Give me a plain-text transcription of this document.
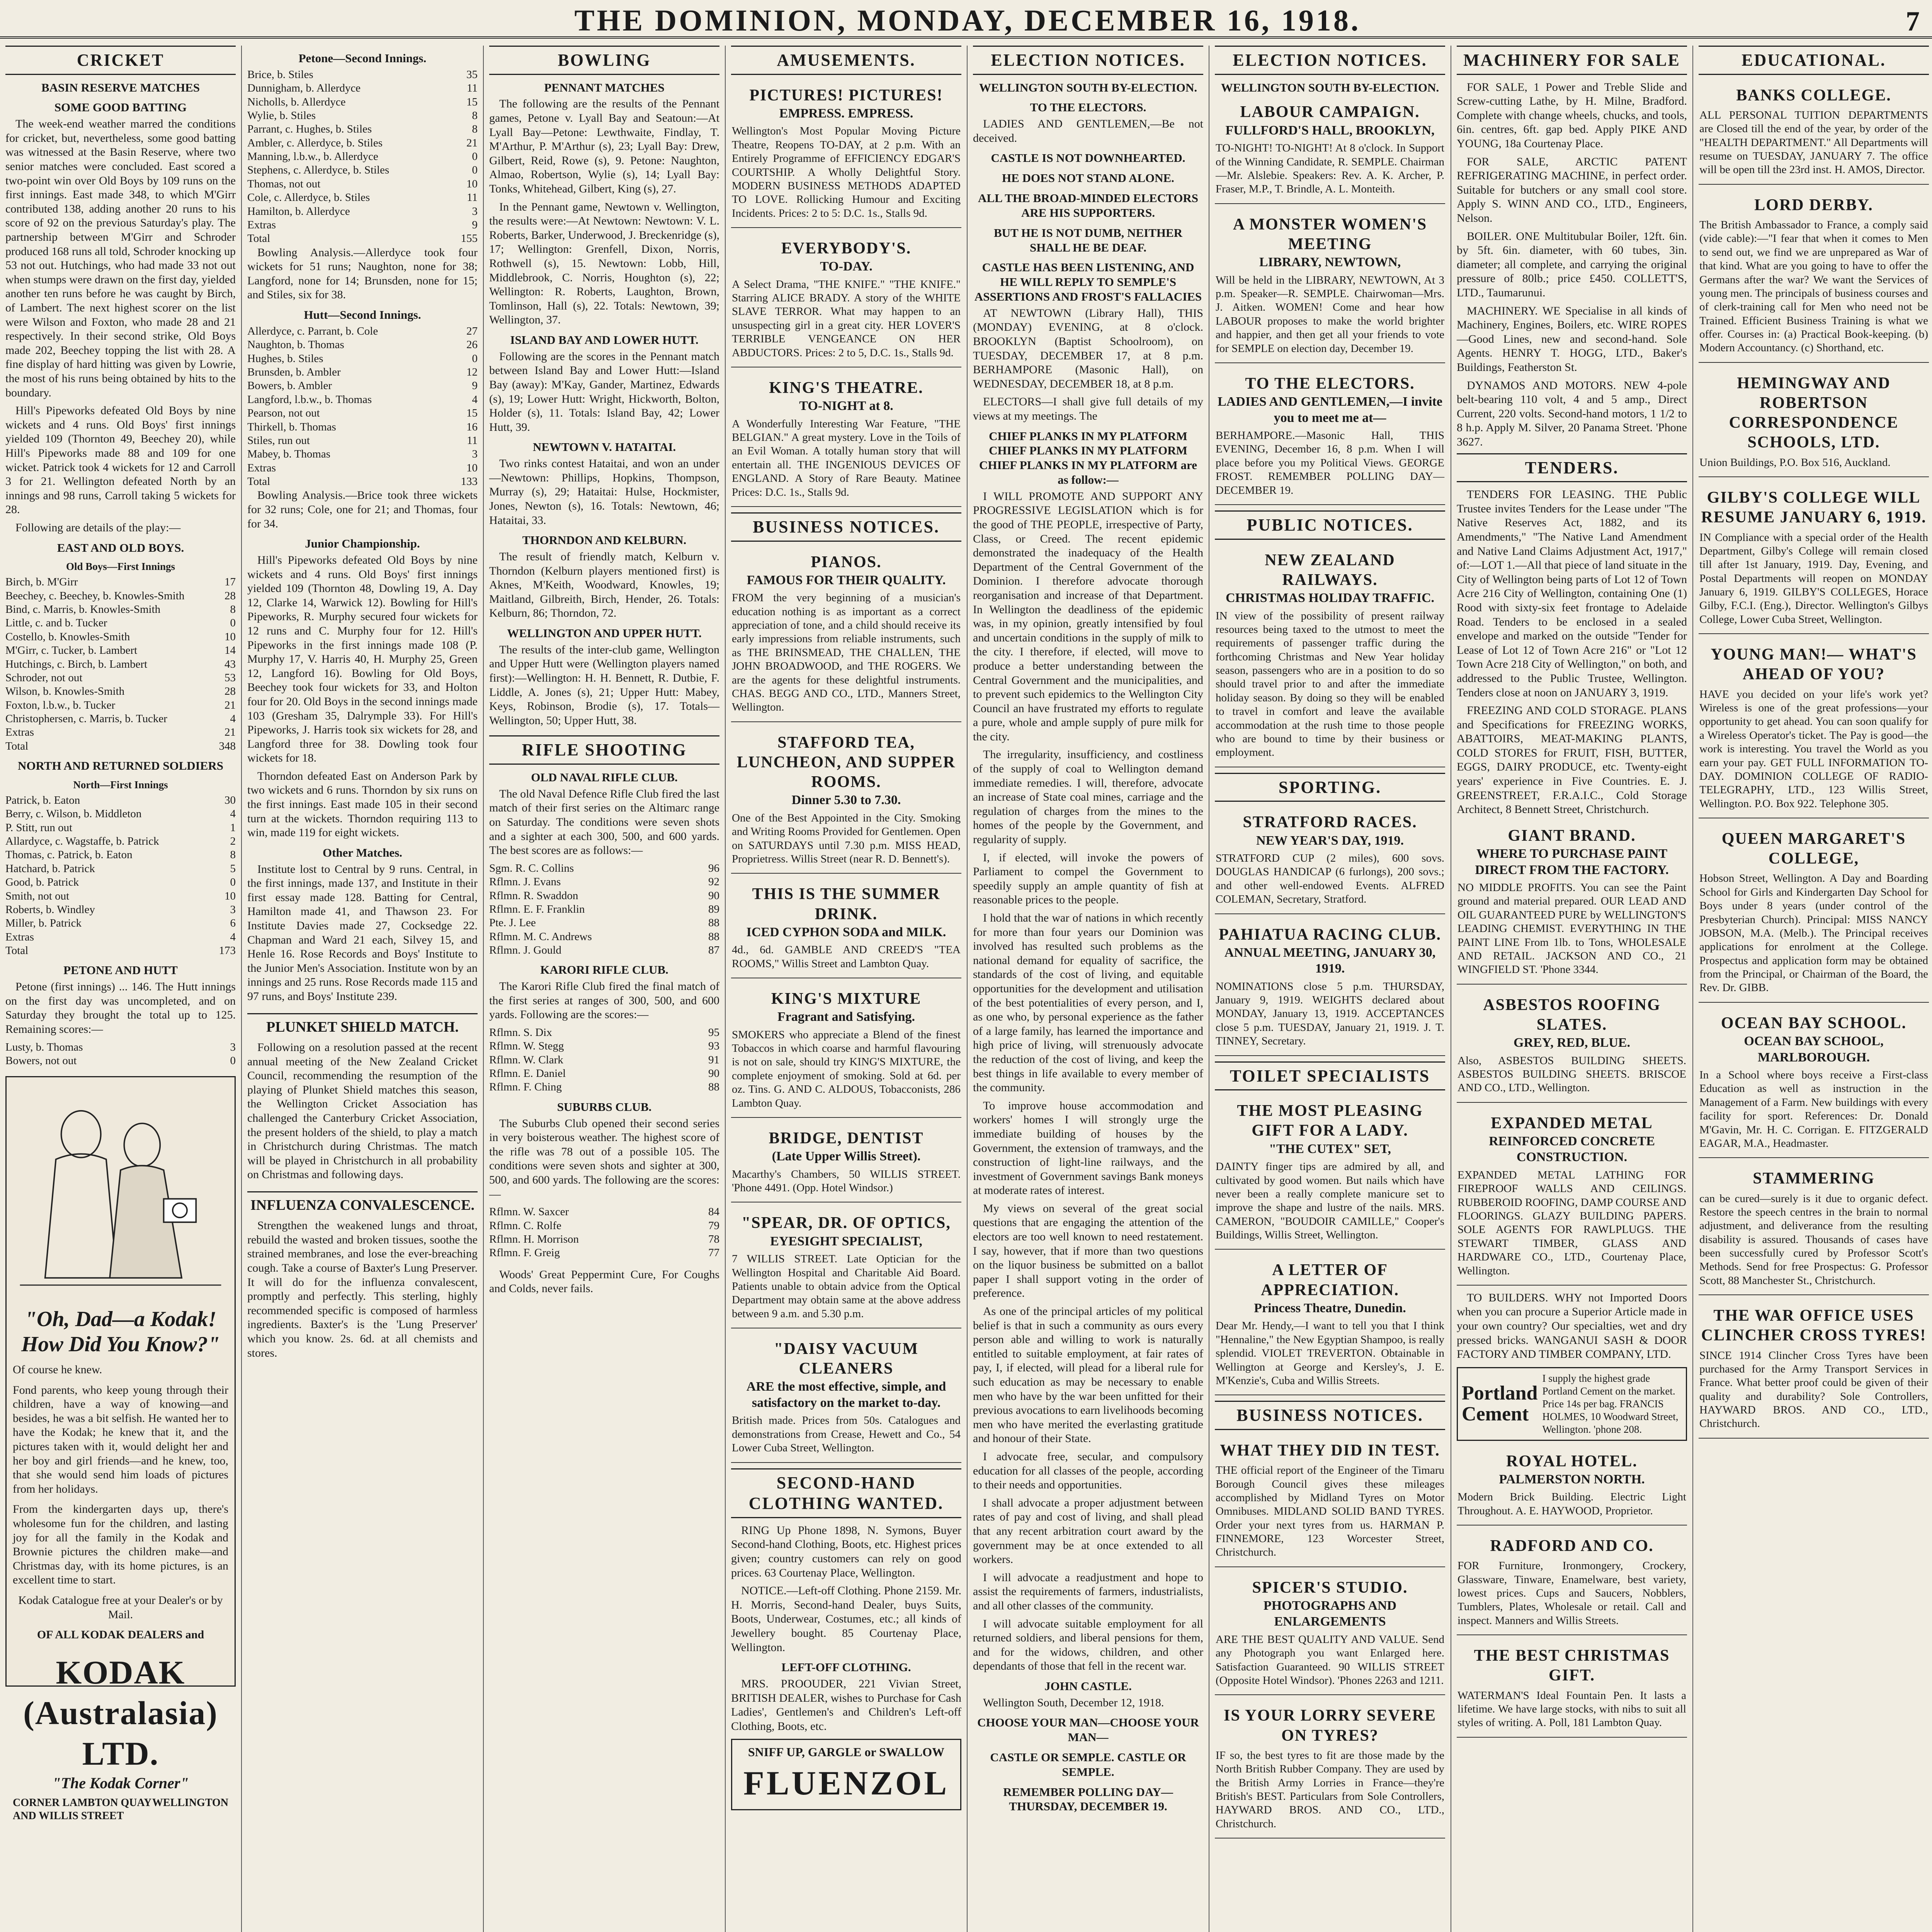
THE DOMINION, MONDAY, DECEMBER 16, 1918.	7
CRICKET
BASIN RESERVE MATCHES
SOME GOOD BATTING

The week-end weather marred the conditions for cricket, but, nevertheless, some good batting was witnessed at the Basin Reserve, where two senior matches were concluded. East scored a two-point win over Old Boys by 109 runs on the first innings. East made 348, to which M'Girr contributed 138, adding another 20 runs to his score of 92 on the previous Saturday's play. The partnership between M'Girr and Schroder produced 168 runs all told, Schroder knocking up 53 not out. Hutchings, who had made 33 not out when stumps were drawn on the first day, yielded another ten runs before he was caught by Birch, of Lambert. The next highest scorer on the list were Wilson and Foxton, who made 28 and 21 respectively. In their second strike, Old Boys made 202, Beechey topping the list with 28. A fine display of hard hitting was given by Lowrie, the most of his runs being obtained by hits to the boundary.

Hill's Pipeworks defeated Old Boys by nine wickets and 4 runs. Old Boys' first innings yielded 109 (Thornton 49, Beechey 20), while Hill's Pipeworks made 88 and 109 for one wicket. Patrick took 4 wickets for 12 and Carroll 3 for 21. Wellington defeated North by an innings and 98 runs, Carroll taking 5 wickets for 28.

Following are details of the play:—

EAST AND OLD BOYS.
Old Boys—First Innings
Birch, b. M'Girr	17
Beechey, c. Beechey, b. Knowles-Smith	28
Bind, c. Marris, b. Knowles-Smith	8
Little, c. and b. Tucker	0
Costello, b. Knowles-Smith	10
M'Girr, c. Tucker, b. Lambert	14
Hutchings, c. Birch, b. Lambert	43
Schroder, not out	53
Wilson, b. Knowles-Smith	28
Foxton, l.b.w., b. Tucker	21
Christophersen, c. Marris, b. Tucker	4
Extras	21
Total	348
NORTH AND RETURNED SOLDIERS
North—First Innings
Patrick, b. Eaton	30
Berry, c. Wilson, b. Middleton	4
P. Stitt, run out	1
Allardyce, c. Wagstaffe, b. Patrick	2
Thomas, c. Patrick, b. Eaton	8
Hatchard, b. Patrick	5
Good, b. Patrick	0
Smith, not out	10
Roberts, b. Windley	3
Miller, b. Patrick	6
Extras	4
Total	173
PETONE AND HUTT

Petone (first innings) ... 146. The Hutt innings on the first day was uncompleted, and on Saturday they brought the total up to 125. Remaining scores:—

Lusty, b. Thomas	3
Bowers, not out	0
"Oh, Dad—a Kodak! How Did You Know?"
Of course he knew.
Fond parents, who keep young through their children, have a way of knowing—and besides, he was a bit selfish. He wanted her to have the Kodak; he knew that it, and the pictures taken with it, would delight her and her boy and girl friends—and he knew, too, that she would send him loads of pictures from her holidays.
From the kindergarten days up, there's wholesome fun for the children, and lasting joy for all the family in the Kodak and Brownie pictures the children make—and Christmas day, with its home pictures, is an excellent time to start.
Kodak Catalogue free at your Dealer's or by Mail.
OF ALL KODAK DEALERS and
KODAK (Australasia) LTD.
"The Kodak Corner"
CORNER LAMBTON QUAY AND WILLIS STREET
WELLINGTON
Petone—Second Innings.
Brice, b. Stiles	35
Dunnigham, b. Allerdyce	11
Nicholls, b. Allerdyce	15
Wylie, b. Stiles	8
Parrant, c. Hughes, b. Stiles	8
Ambler, c. Allerdyce, b. Stiles	21
Manning, l.b.w., b. Allerdyce	0
Stephens, c. Allerdyce, b. Stiles	0
Thomas, not out	10
Cole, c. Allerdyce, b. Stiles	11
Hamilton, b. Allerdyce	3
Extras	9
Total	155

Bowling Analysis.—Allerdyce took four wickets for 51 runs; Naughton, none for 38; Langford, none for 14; Brunsden, none for 15; and Stiles, six for 38.

Hutt—Second Innings.
Allerdyce, c. Parrant, b. Cole	27
Naughton, b. Thomas	26
Hughes, b. Stiles	0
Brunsden, b. Ambler	12
Bowers, b. Ambler	9
Langford, l.b.w., b. Thomas	4
Pearson, not out	15
Thirkell, b. Thomas	16
Stiles, run out	11
Mabey, b. Thomas	3
Extras	10
Total	133

Bowling Analysis.—Brice took three wickets for 32 runs; Cole, one for 21; and Thomas, four for 34.

Junior Championship.

Hill's Pipeworks defeated Old Boys by nine wickets and 4 runs. Old Boys' first innings yielded 109 (Thornton 48, Dowling 19, A. Day 12, Clarke 14, Warwick 12). Bowling for Hill's Pipeworks, R. Murphy secured four wickets for 12 runs and C. Murphy four for 12. Hill's Pipeworks in the first innings made 108 (P. Murphy 17, V. Harris 40, H. Murphy 25, Green 12, Langford 16). Bowling for Old Boys, Beechey took four wickets for 33, and Holton four for 20. Old Boys in the second innings made 103 (Gresham 35, Dalrymple 33). For Hill's Pipeworks, J. Harris took six wickets for 28, and Langford three for 38. Dowling took four wickets for 18.

Thorndon defeated East on Anderson Park by two wickets and 6 runs. Thorndon by six runs on the first innings. East made 105 in their second turn at the wickets. Thorndon requiring 113 to win, made 119 for eight wickets.

Other Matches.

Institute lost to Central by 9 runs. Central, in the first innings, made 137, and Institute in their first essay made 128. Batting for Central, Hamilton made 41, and Thawson 23. For Institute Davies made 27, Cocksedge 22. Chapman and Ward 21 each, Silvey 15, and Henle 16. Rose Records and Boys' Institute to the Junior Men's Association. Institute won by an innings and 25 runs. Rose Records made 115 and 97 runs, and Boys' Institute 239.

PLUNKET SHIELD MATCH.

Following on a resolution passed at the recent annual meeting of the New Zealand Cricket Council, recommending the resumption of the playing of Plunket Shield matches this season, the Wellington Cricket Association has challenged the Canterbury Cricket Association, the present holders of the shield, to play a match in Christchurch during Christmas. The match will be played in Christchurch in all probability on Christmas and following days.

INFLUENZA CONVALESCENCE.

Strengthen the weakened lungs and throat, rebuild the wasted and broken tissues, soothe the strained membranes, and lose the ever-breaching cough. Take a course of Baxter's Lung Preserver. It will do for the influenza convalescent, promptly and perfectly. This sterling, highly recommended specific is composed of harmless ingredients. Baxter's is the 'Lung Preserver' which you know. 2s. 6d. at all chemists and stores.

BOWLING
PENNANT MATCHES

The following are the results of the Pennant games, Petone v. Lyall Bay and Seatoun:—At Lyall Bay—Petone: Lewthwaite, Findlay, T. M'Arthur, P. M'Arthur (s), 23; Lyall Bay: Drew, Gilbert, Reid, Rowe (s), 9. Petone: Naughton, Almao, Robertson, Wylie (s), 14; Lyall Bay: Tonks, Whitehead, Gilbert, King (s), 27.

In the Pennant game, Newtown v. Wellington, the results were:—At Newtown: Newtown: V. L. Roberts, Barker, Underwood, J. Breckenridge (s), 17; Wellington: Grenfell, Dixon, Norris, Rothwell (s), 15. Newtown: Lobb, Hill, Middlebrook, C. Norris, Houghton (s), 22; Wellington: R. Roberts, Laughton, Brown, Tomlinson, Hall (s), 22. Totals: Newtown, 39; Wellington, 37.

ISLAND BAY AND LOWER HUTT.

Following are the scores in the Pennant match between Island Bay and Lower Hutt:—Island Bay (away): M'Kay, Gander, Martinez, Edwards (s), 19; Lower Hutt: Wright, Hickworth, Bolton, Holder (s), 11. Totals: Island Bay, 42; Lower Hutt, 39.

NEWTOWN V. HATAITAI.

Two rinks contest Hataitai, and won an under—Newtown: Phillips, Hopkins, Thompson, Murray (s), 29; Hataitai: Hulse, Hockmister, Jones, Newton (s), 16. Totals: Newtown, 46; Hataitai, 33.

THORNDON AND KELBURN.

The result of friendly match, Kelburn v. Thorndon (Kelburn players mentioned first) is Aknes, M'Keith, Woodward, Knowles, 19; Maitland, Gilbreith, Birch, Hender, 26. Totals: Kelburn, 86; Thorndon, 72.

WELLINGTON AND UPPER HUTT.

The results of the inter-club game, Wellington and Upper Hutt were (Wellington players named first):—Wellington: H. H. Bennett, R. Dutbie, F. Liddle, A. Jones (s), 21; Upper Hutt: Mabey, Keys, Robinson, Brodie (s), 17. Totals—Wellington, 50; Upper Hutt, 38.

RIFLE SHOOTING
OLD NAVAL RIFLE CLUB.

The old Naval Defence Rifle Club fired the last match of their first series on the Altimarc range on Saturday. The conditions were seven shots and a sighter at each 300, 500, and 600 yards. The best scores are as follows:—

Sgm. R. C. Collins	96
Rflmn. J. Evans	92
Rflmn. R. Swaddon	90
Rflmn. E. F. Franklin	89
Pte. J. Lee	88
Rflmn. M. C. Andrews	88
Rflmn. J. Gould	87
KARORI RIFLE CLUB.

The Karori Rifle Club fired the final match of the first series at ranges of 300, 500, and 600 yards. Following are the scores:—

Rflmn. S. Dix	95
Rflmn. W. Stegg	93
Rflmn. W. Clark	91
Rflmn. E. Daniel	90
Rflmn. F. Ching	88
SUBURBS CLUB.

The Suburbs Club opened their second series in very boisterous weather. The highest score of the rifle was 78 out of a possible 105. The conditions were seven shots and sighter at 300, 500, and 600 yards. The following are the scores:—

Rflmn. W. Saxcer	84
Rflmn. C. Rolfe	79
Rflmn. H. Morrison	78
Rflmn. F. Greig	77

Woods' Great Peppermint Cure, For Coughs and Colds, never fails.

AMUSEMENTS.
PICTURES! PICTURES!
EMPRESS. EMPRESS.
Wellington's Most Popular Moving Picture Theatre, Reopens TO-DAY, at 2 p.m. With an Entirely Programme of EFFICIENCY EDGAR'S COURTSHIP. A Wholly Delightful Story. MODERN BUSINESS METHODS ADAPTED TO LOVE. Rollicking Humour and Exciting Incidents. Prices: 2 to 5: D.C. 1s., Stalls 9d.
EVERYBODY'S.
TO-DAY.
A Select Drama, "THE KNIFE." "THE KNIFE." Starring ALICE BRADY. A story of the WHITE SLAVE TERROR. What may happen to an unsuspecting girl in a great city. HER LOVER'S TERRIBLE VENGEANCE ON HER ABDUCTORS. Prices: 2 to 5, D.C. 1s., Stalls 9d.
KING'S THEATRE.
TO-NIGHT at 8.
A Wonderfully Interesting War Feature, "THE BELGIAN." A great mystery. Love in the Toils of an Evil Woman. A totally human story that will entertain all. THE INGENIOUS DEVICES OF ENGLAND. A Story of Rare Beauty. Matinee Prices: D.C. 1s., Stalls 9d.
BUSINESS NOTICES.
PIANOS.
FAMOUS FOR THEIR QUALITY.
FROM the very beginning of a musician's education nothing is as important as a correct appreciation of tone, and a child should receive its early impressions from reliable instruments, such as THE BRINSMEAD, THE CHALLEN, THE JOHN BROADWOOD, and THE ROGERS. We are the agents for these delightful instruments. CHAS. BEGG AND CO., LTD., Manners Street, Wellington.
STAFFORD TEA, LUNCHEON, AND SUPPER ROOMS.
Dinner 5.30 to 7.30.
One of the Best Appointed in the City. Smoking and Writing Rooms Provided for Gentlemen. Open on SATURDAYS until 7.30 p.m. MISS HEAD, Proprietress. Willis Street (near R. D. Bennett's).
THIS IS THE SUMMER DRINK.
ICED CYPHON SODA and MILK.
4d., 6d. GAMBLE AND CREED'S "TEA ROOMS," Willis Street and Lambton Quay.
KING'S MIXTURE
Fragrant and Satisfying.
SMOKERS who appreciate a Blend of the finest Tobaccos in which coarse and harmful flavouring is not on sale, should try KING'S MIXTURE, the complete enjoyment of smoking. Sold at 6d. per oz. Tins. G. AND C. ALDOUS, Tobacconists, 286 Lambton Quay.
BRIDGE, DENTIST
(Late Upper Willis Street).
Macarthy's Chambers, 50 WILLIS STREET. 'Phone 4491. (Opp. Hotel Windsor.)
"SPEAR, DR. OF OPTICS,
EYESIGHT SPECIALIST,
7 WILLIS STREET. Late Optician for the Wellington Hospital and Charitable Aid Board. Patients unable to obtain advice from the Optical Department may obtain same at the above address between 9 a.m. and 5.30 p.m.
"DAISY VACUUM CLEANERS
ARE the most effective, simple, and satisfactory on the market to-day.
British made. Prices from 50s. Catalogues and demonstrations from Crease, Hewett and Co., 54 Lower Cuba Street, Wellington.
SECOND-HAND CLOTHING WANTED.

RING Up Phone 1898, N. Symons, Buyer Second-hand Clothing, Boots, etc. Highest prices given; country customers can rely on good prices. 63 Courtenay Place, Wellington.

NOTICE.—Left-off Clothing. Phone 2159. Mr. H. Morris, Second-hand Dealer, buys Suits, Boots, Underwear, Costumes, etc.; all kinds of Jewellery bought. 85 Courtenay Place, Wellington.

LEFT-OFF CLOTHING.

MRS. PROOUDER, 221 Vivian Street, BRITISH DEALER, wishes to Purchase for Cash Ladies', Gentlemen's and Children's Left-off Clothing, Boots, etc.

SNIFF UP, GARGLE or SWALLOW
FLUENZOL
ELECTION NOTICES.
WELLINGTON SOUTH BY-ELECTION.
TO THE ELECTORS.

LADIES AND GENTLEMEN,—Be not deceived.

CASTLE IS NOT DOWNHEARTED.
HE DOES NOT STAND ALONE.
ALL THE BROAD-MINDED ELECTORS ARE HIS SUPPORTERS.
BUT HE IS NOT DUMB, NEITHER SHALL HE BE DEAF.
CASTLE HAS BEEN LISTENING, AND HE WILL REPLY TO SEMPLE'S ASSERTIONS AND FROST'S FALLACIES

AT NEWTOWN (Library Hall), THIS (MONDAY) EVENING, at 8 o'clock. BROOKLYN (Baptist Schoolroom), on TUESDAY, DECEMBER 17, at 8 p.m. BERHAMPORE (Masonic Hall), on WEDNESDAY, DECEMBER 18, at 8 p.m.

ELECTORS—I shall give full details of my views at my meetings. The

CHIEF PLANKS IN MY PLATFORM CHIEF PLANKS IN MY PLATFORM CHIEF PLANKS IN MY PLATFORM are as follow:—

I WILL PROMOTE AND SUPPORT ANY PROGRESSIVE LEGISLATION which is for the good of THE PEOPLE, irrespective of Party, Class, or Creed. The recent epidemic demonstrated the inadequacy of the Health Department of the Central Government of the Dominion. I therefore advocate thorough reorganisation and increase of that Department. In Wellington the deadliness of the epidemic was, in my opinion, greatly intensified by foul and uncertain conditions in the supply of milk to the city. I therefore, if elected, will move to produce a better understanding between the Central Government and the municipalities, and to prevent such epidemics to the Wellington City Council an have frustrated my efforts to regulate a pure, whole and ample supply of pure milk for the city.

The irregularity, insufficiency, and costliness of the supply of coal to Wellington demand immediate remedies. I will, therefore, advocate an increase of State coal mines, carriage and the regulation of charges from the mines to the homes of the people by the Government, and regularity of supply.

I, if elected, will invoke the powers of Parliament to compel the Government to speedily supply an ample quantity of fish at reasonable prices to the people.

I hold that the war of nations in which recently for more than four years our Dominion was involved has resulted such problems as the national demand for equality of sacrifice, the standards of the cost of living, and equitable opportunities for the development and utilisation of the best potentialities of every person, and I, as one who, by personal experience as the father of a large family, has learned the importance and high price of living, will strenuously advocate the reduction of the cost of living, and keep the best things in life available to every member of the community.

To improve house accommodation and workers' homes I will strongly urge the immediate building of houses by the Government, the extension of tramways, and the construction of light-line railways, and the investment of Government savings Bank moneys at moderate rates of interest.

My views on several of the great social questions that are engaging the attention of the electors are too well known to need restatement. I say, however, that if more than two questions on the liquor business be submitted on a ballot paper I shall support voting in the order of preference.

As one of the principal articles of my political belief is that in such a community as ours every person able and willing to work is naturally entitled to suitable employment, at fair rates of pay, I, if elected, will plead for a liberal rule for such education as may be necessary to enable men who have by the war been unfitted for their previous avocations to earn livelihoods becoming men who have merited the everlasting gratitude and honour of their State.

I advocate free, secular, and compulsory education for all classes of the people, according to their needs and opportunities.

I shall advocate a proper adjustment between rates of pay and cost of living, and shall plead that any recent arbitration court award by the government may be at once extended to all workers.

I will advocate a readjustment and hope to assist the requirements of farmers, industrialists, and all other classes of the community.

I will advocate suitable employment for all returned soldiers, and liberal pensions for them, and for the widows, children, and other dependants of those that fell in the recent war.

JOHN CASTLE.

Wellington South, December 12, 1918.

CHOOSE YOUR MAN—CHOOSE YOUR MAN—
CASTLE OR SEMPLE. CASTLE OR SEMPLE.
REMEMBER POLLING DAY— THURSDAY, DECEMBER 19.
ELECTION NOTICES.
WELLINGTON SOUTH BY-ELECTION.
LABOUR CAMPAIGN.
FULLFORD'S HALL, BROOKLYN,
TO-NIGHT! TO-NIGHT! At 8 o'clock. In Support of the Winning Candidate, R. SEMPLE. Chairman—Mr. Alslebie. Speakers: Rev. A. K. Archer, P. Fraser, M.P., T. Brindle, A. L. Monteith.
A MONSTER WOMEN'S MEETING
LIBRARY, NEWTOWN,
Will be held in the LIBRARY, NEWTOWN, At 3 p.m. Speaker—R. SEMPLE. Chairwoman—Mrs. J. Aitken. WOMEN! Come and hear how LABOUR proposes to make the world brighter and happier, and then get all your friends to vote for SEMPLE on election day, December 19.
TO THE ELECTORS.
LADIES AND GENTLEMEN,—I invite you to meet me at—
BERHAMPORE.—Masonic Hall, THIS EVENING, December 16, 8 p.m. When I will place before you my Political Views. GEORGE FROST. REMEMBER POLLING DAY— DECEMBER 19.
PUBLIC NOTICES.
NEW ZEALAND RAILWAYS.
CHRISTMAS HOLIDAY TRAFFIC.
IN view of the possibility of present railway resources being taxed to the utmost to meet the requirements of passenger traffic during the forthcoming Christmas and New Year holiday season, passengers who are in a position to do so should travel prior to and after the immediate holiday season. By doing so they will be enabled to travel in comfort and leave the available accommodation at the rush time to those people who are bound to time by their business or employment.
SPORTING.
STRATFORD RACES.
NEW YEAR'S DAY, 1919.
STRATFORD CUP (2 miles), 600 sovs. DOUGLAS HANDICAP (6 furlongs), 200 sovs.; and other well-endowed Events. ALFRED COLEMAN, Secretary, Stratford.
PAHIATUA RACING CLUB.
ANNUAL MEETING, JANUARY 30, 1919.
NOMINATIONS close 5 p.m. THURSDAY, January 9, 1919. WEIGHTS declared about MONDAY, January 13, 1919. ACCEPTANCES close 5 p.m. TUESDAY, January 21, 1919. J. T. TINNEY, Secretary.
TOILET SPECIALISTS
THE MOST PLEASING GIFT FOR A LADY.
"THE CUTEX" SET,
DAINTY finger tips are admired by all, and cultivated by good women. But nails which have never been a really complete manicure set to improve the shape and lustre of the nails. MRS. CAMERON, "BOUDOIR CAMILLE," Cooper's Buildings, Willis Street, Wellington.
A LETTER OF APPRECIATION.
Princess Theatre, Dunedin.
Dear Mr. Hendy,—I want to tell you that I think "Hennaline," the New Egyptian Shampoo, is really splendid. VIOLET TREVERTON. Obtainable in Wellington at George and Kersley's, J. E. M'Kenzie's, Cuba and Willis Streets.
BUSINESS NOTICES.
WHAT THEY DID IN TEST.
THE official report of the Engineer of the Timaru Borough Council gives these mileages accomplished by Midland Tyres on Motor Omnibuses. MIDLAND SOLID BAND TYRES. Order your next tyres from us. HARMAN P. FINNEMORE, 123 Worcester Street, Christchurch.
SPICER'S STUDIO.
PHOTOGRAPHS AND ENLARGEMENTS
ARE THE BEST QUALITY AND VALUE. Send any Photograph you want Enlarged here. Satisfaction Guaranteed. 90 WILLIS STREET (Opposite Hotel Windsor). 'Phones 2263 and 1211.
IS YOUR LORRY SEVERE ON TYRES?
IF so, the best tyres to fit are those made by the North British Rubber Company. They are used by the British Army Lorries in France—they're British's BEST. Particulars from Sole Controllers, HAYWARD BROS. AND CO., LTD., Christchurch.
MACHINERY FOR SALE

FOR SALE, 1 Power and Treble Slide and Screw-cutting Lathe, by H. Milne, Bradford. Complete with change wheels, chucks, and tools, 6in. centres, 6ft. gap bed. Apply PIKE AND YOUNG, 18a Courtenay Place.

FOR SALE, ARCTIC PATENT REFRIGERATING MACHINE, in perfect order. Suitable for butchers or any small cool store. Apply S. WINN AND CO., LTD., Engineers, Nelson.

BOILER. ONE Multitubular Boiler, 12ft. 6in. by 5ft. 6in. diameter, with 60 tubes, 3in. diameter; all complete, and carrying the original pressure of 80lb.; price £450. COLLETT'S, LTD., Taumarunui.

MACHINERY. WE Specialise in all kinds of Machinery, Engines, Boilers, etc. WIRE ROPES—Good Lines, new and second-hand. Sole Agents. HENRY T. HOGG, LTD., Baker's Buildings, Featherston St.

DYNAMOS AND MOTORS. NEW 4-pole belt-bearing 110 volt, 4 and 5 amp., Direct Current, 220 volts. Second-hand motors, 1 1/2 to 8 h.p. Apply M. Silver, 20 Panama Street. 'Phone 3627.

TENDERS.

TENDERS FOR LEASING. THE Public Trustee invites Tenders for the Lease under "The Native Reserves Act, 1882, and its Amendments," "The Native Land Amendment and Native Land Claims Adjustment Act, 1917," of:—LOT 1.—All that piece of land situate in the City of Wellington being parts of Lot 12 of Town Acre 216 City of Wellington, containing One (1) Rood with sixty-six feet frontage to Adelaide Road. Tenders to be enclosed in a sealed envelope and marked on the outside "Tender for Lease of Lot 12 of Town Acre 216" or "Lot 12 Town Acre 218 City of Wellington," on both, and addressed to the Public Trustee, Wellington. Tenders close at noon on JANUARY 3, 1919.

FREEZING AND COLD STORAGE. PLANS and Specifications for FREEZING WORKS, ABATTOIRS, MEAT-MAKING PLANTS, COLD STORES for FRUIT, FISH, BUTTER, EGGS, DAIRY PRODUCE, etc. Twenty-eight years' experience in Five Countries. E. J. GREENSTREET, F.R.A.I.C., Cold Storage Architect, 8 Bennett Street, Christchurch.

GIANT BRAND.
WHERE TO PURCHASE PAINT DIRECT FROM THE FACTORY.
NO MIDDLE PROFITS. You can see the Paint ground and material prepared. OUR LEAD AND OIL GUARANTEED PURE by WELLINGTON'S LEADING CHEMIST. EVERYTHING IN THE PAINT LINE From 1lb. to Tons, WHOLESALE AND RETAIL. JACKSON AND CO., 21 WINGFIELD ST. 'Phone 3344.
ASBESTOS ROOFING SLATES.
GREY, RED, BLUE.
Also, ASBESTOS BUILDING SHEETS. ASBESTOS BUILDING SHEETS. BRISCOE AND CO., LTD., Wellington.
EXPANDED METAL
REINFORCED CONCRETE CONSTRUCTION.
EXPANDED METAL LATHING FOR FIREPROOF WALLS AND CEILINGS. RUBBEROID ROOFING, DAMP COURSE AND FLOORINGS. GLAZY BUILDING PAPERS. SOLE AGENTS FOR RAWLPLUGS. THE STEWART TIMBER, GLASS AND HARDWARE CO., LTD., Courtenay Place, Wellington.

TO BUILDERS. WHY not Imported Doors when you can procure a Superior Article made in your own country? Our specialties, wet and dry pressed bricks. WANGANUI SASH & DOOR FACTORY AND TIMBER COMPANY, LTD.

Portland Cement
I supply the highest grade Portland Cement on the market. Price 14s per bag. FRANCIS HOLMES, 10 Woodward Street, Wellington. 'phone 208.
ROYAL HOTEL.
PALMERSTON NORTH.
Modern Brick Building. Electric Light Throughout. A. E. HAYWOOD, Proprietor.
RADFORD AND CO.
FOR Furniture, Ironmongery, Crockery, Glassware, Tinware, Enamelware, best variety, lowest prices. Cups and Saucers, Nobblers, Tumblers, Plates, Wholesale or retail. Call and inspect. Manners and Willis Streets.
THE BEST CHRISTMAS GIFT.
WATERMAN'S Ideal Fountain Pen. It lasts a lifetime. We have large stocks, with nibs to suit all styles of writing. A. Poll, 181 Lambton Quay.
EDUCATIONAL.
BANKS COLLEGE.
ALL PERSONAL TUITION DEPARTMENTS are Closed till the end of the year, by order of the "HEALTH DEPARTMENT." All Departments will resume on TUESDAY, JANUARY 7. The office will be open till the 23rd inst. H. AMOS, Director.
LORD DERBY.
The British Ambassador to France, a comply said (vide cable):—"I fear that when it comes to Men to send out, we find we are unprepared as War of that kind. What are you going to have to offer the Germans after the war? We want the Services of young men. The principals of business courses and of clerk-training call for Men who need not be Trained. Efficient Business Training is what we offer. Courses in: (a) Practical Book-keeping. (b) Modern Accountancy. (c) Shorthand, etc.
HEMINGWAY AND ROBERTSON CORRESPONDENCE SCHOOLS, LTD.
Union Buildings, P.O. Box 516, Auckland.
GILBY'S COLLEGE WILL RESUME JANUARY 6, 1919.
IN Compliance with a special order of the Health Department, Gilby's College will remain closed till after 1st January, 1919. Day, Evening, and Postal Departments will reopen on MONDAY January 6, 1919. GILBY'S COLLEGES, Horace Gilby, F.C.I. (Eng.), Director. Wellington's Gilbys College, Lower Cuba Street, Wellington.
YOUNG MAN!— WHAT'S AHEAD OF YOU?
HAVE you decided on your life's work yet? Wireless is one of the great professions—your opportunity to get ahead. You can soon qualify for a Wireless Operator's ticket. The Pay is good—the work is interesting. You travel the World as you earn your pay. GET FULL INFORMATION TO-DAY. DOMINION COLLEGE OF RADIO-TELEGRAPHY, LTD., 123 Willis Street, Wellington. P.O. Box 922. Telephone 305.
QUEEN MARGARET'S COLLEGE,
Hobson Street, Wellington. A Day and Boarding School for Girls and Kindergarten Day School for Boys under 8 years (under control of the Presbyterian Church). Principal: MISS NANCY JOBSON, M.A. (Melb.). The Principal receives applications for enrolment at the College. Prospectus and application form may be obtained from the Principal, or Chairman of the Board, the Rev. Dr. GIBB.
OCEAN BAY SCHOOL.
OCEAN BAY SCHOOL, MARLBOROUGH.
In a School where boys receive a First-class Education as well as instruction in the Management of a Farm. New buildings with every facility for sport. References: Dr. Donald M'Gavin, Mr. H. C. Corrigan. E. FITZGERALD EAGAR, M.A., Headmaster.
STAMMERING
can be cured—surely is it due to organic defect. Restore the speech centres in the brain to normal adjustment, and deliverance from the resulting disability is assured. Thousands of cases have been successfully cured by Professor Scott's Methods. Send for free Prospectus: G. Professor Scott, 88 Manchester St., Christchurch.
THE WAR OFFICE USES CLINCHER CROSS TYRES!
SINCE 1914 Clincher Cross Tyres have been purchased for the Army Transport Services in France. What better proof could be given of their quality and durability? Sole Controllers, HAYWARD BROS. AND CO., LTD., Christchurch.
